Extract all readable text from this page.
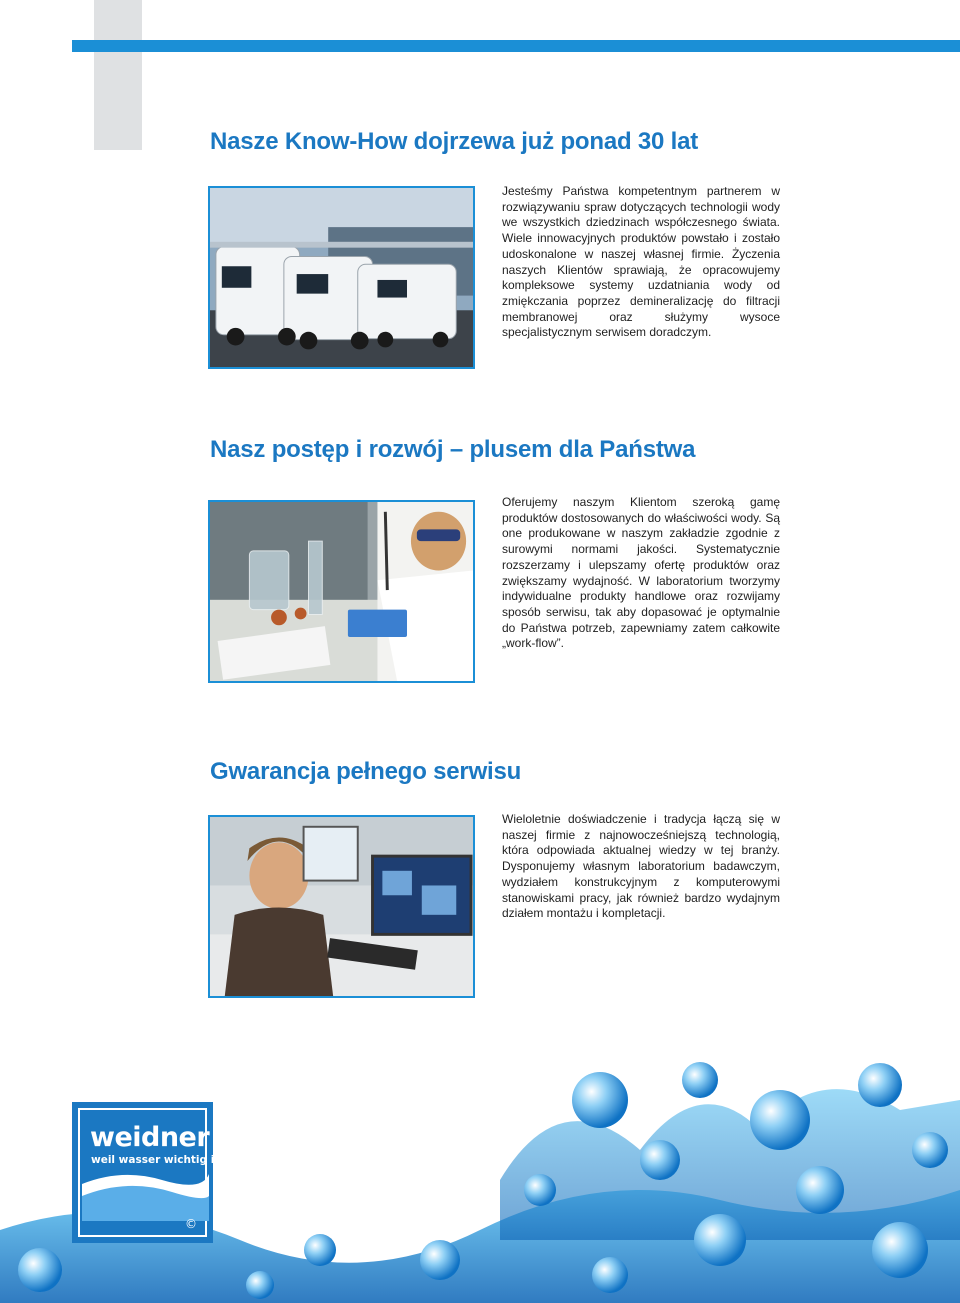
Nasze Know-How dojrzewa już ponad 30 lat

Jesteśmy Państwa kompetentnym partnerem w rozwiązywaniu spraw dotyczących technologii wody we wszystkich dziedzinach współczesnego świata. Wiele innowacyjnych produktów powstało i zostało udoskonalone w naszej własnej firmie. Życzenia naszych Klientów sprawiają, że opracowujemy kompleksowe systemy uzdatniania wody od zmiękczania poprzez demineralizację do filtracji membranowej oraz służymy wysoce specjalistycznym serwisem doradczym.

Nasz postęp i rozwój – plusem dla Państwa

Oferujemy naszym Klientom szeroką gamę produktów dostosowanych do właściwości wody. Są one produkowane w naszym zakładzie zgodnie z surowymi normami jakości. Systematycznie rozszerzamy i ulepszamy ofertę produktów oraz zwiększamy wydajność. W laboratorium tworzymy indywidualne produkty handlowe oraz rozwijamy sposób serwisu, tak aby dopasować je optymalnie do Państwa potrzeb, zapewniamy zatem całkowite „work-flow”.

Gwarancja pełnego serwisu

Wieloletnie doświadczenie i tradycja łączą się w naszej firmie z najnowocześniejszą technologią, która odpowiada aktualnej wiedzy w tej branży. Dysponujemy własnym laboratorium badawczym, wydziałem konstrukcyjnym z komputerowymi stanowiskami pracy, jak również bardzo wydajnym działem montażu i kompletacji.

weidner

weil wasser wichtig ist

©
